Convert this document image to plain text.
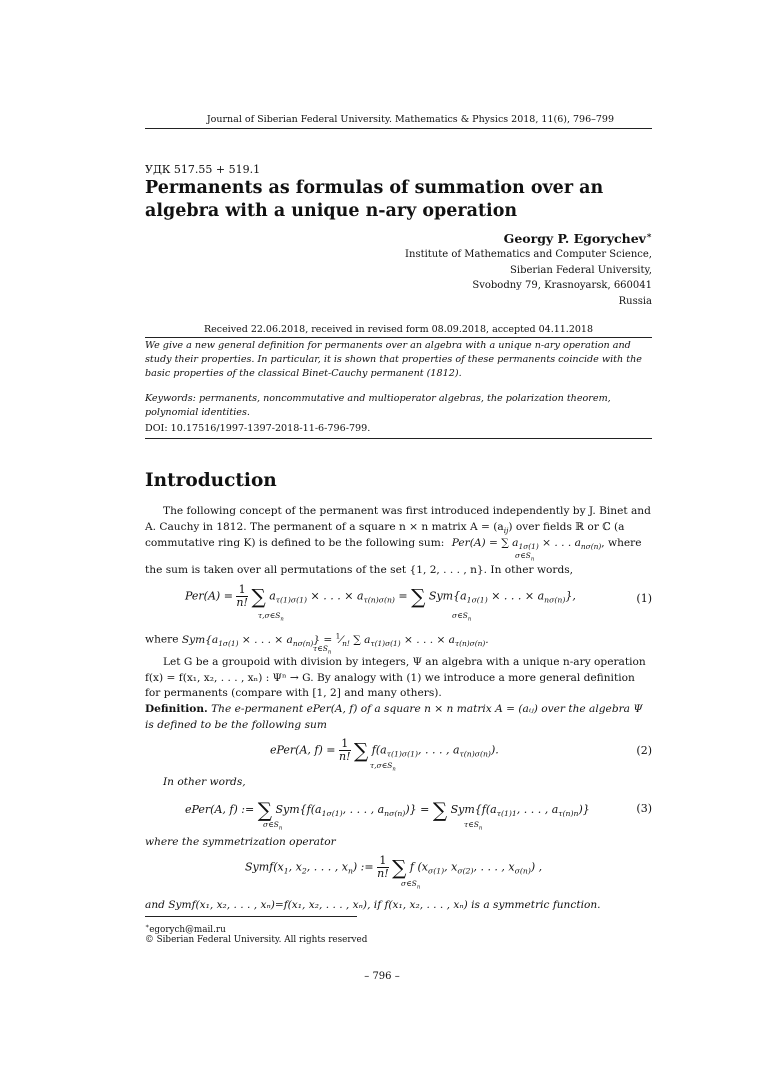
Journal of Siberian Federal University. Mathematics & Physics 2018, 11(6), 796–799
УДК 517.55 + 519.1
Permanents as formulas of summation over an algebra with a unique n-ary operation
Georgy P. Egorychev∗
Institute of Mathematics and Computer Science,
Siberian Federal University,
Svobodny 79, Krasnoyarsk, 660041
Russia
Received 22.06.2018, received in revised form 08.09.2018, accepted 04.11.2018
We give a new general definition for permanents over an algebra with a unique n-ary operation and study their properties. In particular, it is shown that properties of these permanents coincide with the basic properties of the classical Binet-Cauchy permanent (1812).
Keywords: permanents, noncommutative and multioperator algebras, the polarization theorem, polynomial identities.
DOI: 10.17516/1997-1397-2018-11-6-796-799.
Introduction
The following concept of the permanent was first introduced independently by J. Binet and
A. Cauchy in 1812. The permanent of a square n × n matrix $A = (a_{ij})$ over fields ℝ or ℂ (a
commutative ring K) is defined to be the following sum: Per(A) = ∑ $a_{1\sigma(1)}$ × . . . $a_{n\sigma(n)}$, where
$\sigma\in S_n$
the sum is taken over all permutations of the set {1, 2, . . . , n}. In other words,
$Per(A) = \frac{1}{n!}$ ∑ $a_{\tau(1)\sigma(1)}$ × . . . × $a_{\tau(n)\sigma(n)}$ = ∑ $Sym\{a_{1\sigma(1)}$ × . . . × $a_{n\sigma(n)}$},
$\tau,\sigma\in S_n$	$\sigma\in S_n$
(1)
where $Sym\{a_{1\sigma(1)}$ × . . . × $a_{n\sigma(n)}$} = $^1⁄_{n!}$ ∑ $a_{\tau(1)\sigma(1)}$ × . . . × $a_{\tau(n)\sigma(n)}$.
$\tau\in S_n$
Let G be a groupoid with division by integers, Ψ an algebra with a unique n-ary operation f(x) = f(x₁, x₂, . . . , xₙ) : Ψⁿ → G. By analogy with (1) we introduce a more general definition for permanents (compare with [1, 2] and many others).
Definition. The e-permanent ePer(A, f) of a square n × n matrix A = (aᵢⱼ) over the algebra Ψ is defined to be the following sum
ePer(A, $f) = \frac{1}{n!}$ ∑ $f(a_{\tau(1)\sigma(1)}$, . . . , $a_{\tau(n)\sigma(n)}$).
$\tau,\sigma\in S_n$
(2)
In other words,
ePer(A, f) := ∑ $Sym\{f(a_{1\sigma(1)}$, . . . , $a_{n\sigma(n)}$)} = ∑ $Sym\{f(a_{\tau(1)1}$, . . . , $a_{\tau(n)n}$)}
$\sigma\in S_n$	$\tau\in S_n$
(3)
where the symmetrization operator
$Symf(x_1$, $x_2$, . . . , $x_n$) := $\frac{1}{n!}$ ∑ f ($x_{\sigma(1)}$, $x_{\sigma(2)}$, . . . , $x_{\sigma(n)}$) ,
$\sigma\in S_n$
and Symf(x₁, x₂, . . . , xₙ)=f(x₁, x₂, . . . , xₙ), if f(x₁, x₂, . . . , xₙ) is a symmetric function.
∗egorych@mail.ru
© Siberian Federal University. All rights reserved
– 796 –
